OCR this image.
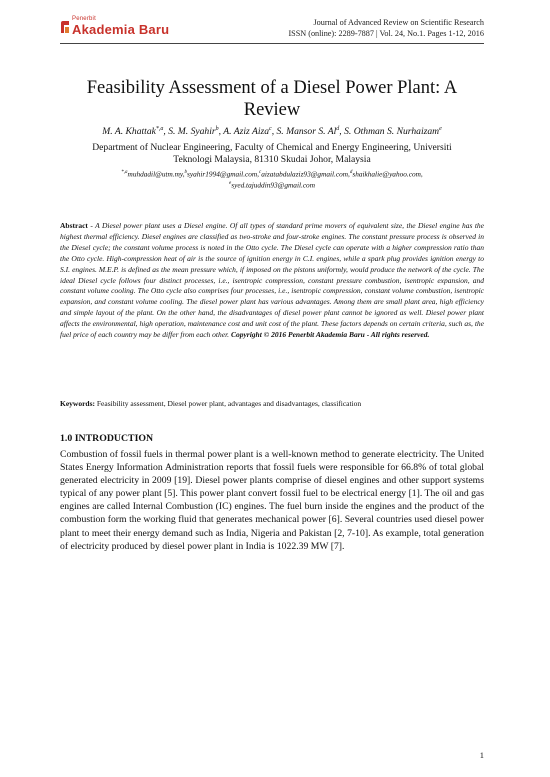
Penerbit
Akademia Baru	Journal of Advanced Review on Scientific Research
ISSN (online): 2289-7887 | Vol. 24, No.1. Pages 1-12, 2016
Feasibility Assessment of a Diesel Power Plant: A Review
M. A. Khattak$^{*,a}$, S. M. Syahir$^b$, A. Aziz Aiza$^c$, S. Mansor S. Al$^d$, S. Othman S. Nurhaizam$^e$
Department of Nuclear Engineering, Faculty of Chemical and Energy Engineering, Universiti
Teknologi Malaysia, 81310 Skudai Johor, Malaysia
$^{*,a}$muhdadil@utm.my,$^b$syahir1994@gmail.com,$^c$aizatabdulaziz93@gmail.com,$^d$shaikhalie@yahoo.com,
$^e$syed.tajuddin93@gmail.com
Abstract - A Diesel power plant uses a Diesel engine. Of all types of standard prime movers of equivalent size, the Diesel engine has the highest thermal efficiency. Diesel engines are classified as two-stroke and four-stroke engines. The constant pressure process is observed in the Diesel cycle; the constant volume process is noted in the Otto cycle. The Diesel cycle can operate with a higher compression ratio than the Otto cycle. High-compression heat of air is the source of ignition energy in C.I. engines, while a spark plug provides ignition energy to S.I. engines. M.E.P. is defined as the mean pressure which, if imposed on the pistons uniformly, would produce the network of the cycle. The ideal Diesel cycle follows four distinct processes, i.e., isentropic compression, constant pressure combustion, isentropic expansion, and constant volume cooling. The Otto cycle also comprises four processes, i.e., isentropic compression, constant volume combustion, isentropic expansion, and constant volume cooling. The diesel power plant has various advantages. Among them are small plant area, high efficiency and simple layout of the plant. On the other hand, the disadvantages of diesel power plant cannot be ignored as well. Diesel power plant affects the environmental, high operation, maintenance cost and unit cost of the plant. These factors depends on certain criteria, such as, the fuel price of each country may be differ from each other. Copyright © 2016 Penerbit Akademia Baru - All rights reserved.
Keywords: Feasibility assessment, Diesel power plant, advantages and disadvantages, classification
1.0 INTRODUCTION
Combustion of fossil fuels in thermal power plant is a well-known method to generate electricity. The United States Energy Information Administration reports that fossil fuels were responsible for 66.8% of total global generated electricity in 2009 [19]. Diesel power plants comprise of diesel engines and other support systems typical of any power plant [5]. This power plant convert fossil fuel to be electrical energy [1]. The oil and gas engines are called Internal Combustion (IC) engines. The fuel burn inside the engines and the product of the combustion form the working fluid that generates mechanical power [6]. Several countries used diesel power plant to meet their energy demand such as India, Nigeria and Pakistan [2, 7-10]. As example, total generation of electricity produced by diesel power plant in India is 1022.39 MW [7].
1
